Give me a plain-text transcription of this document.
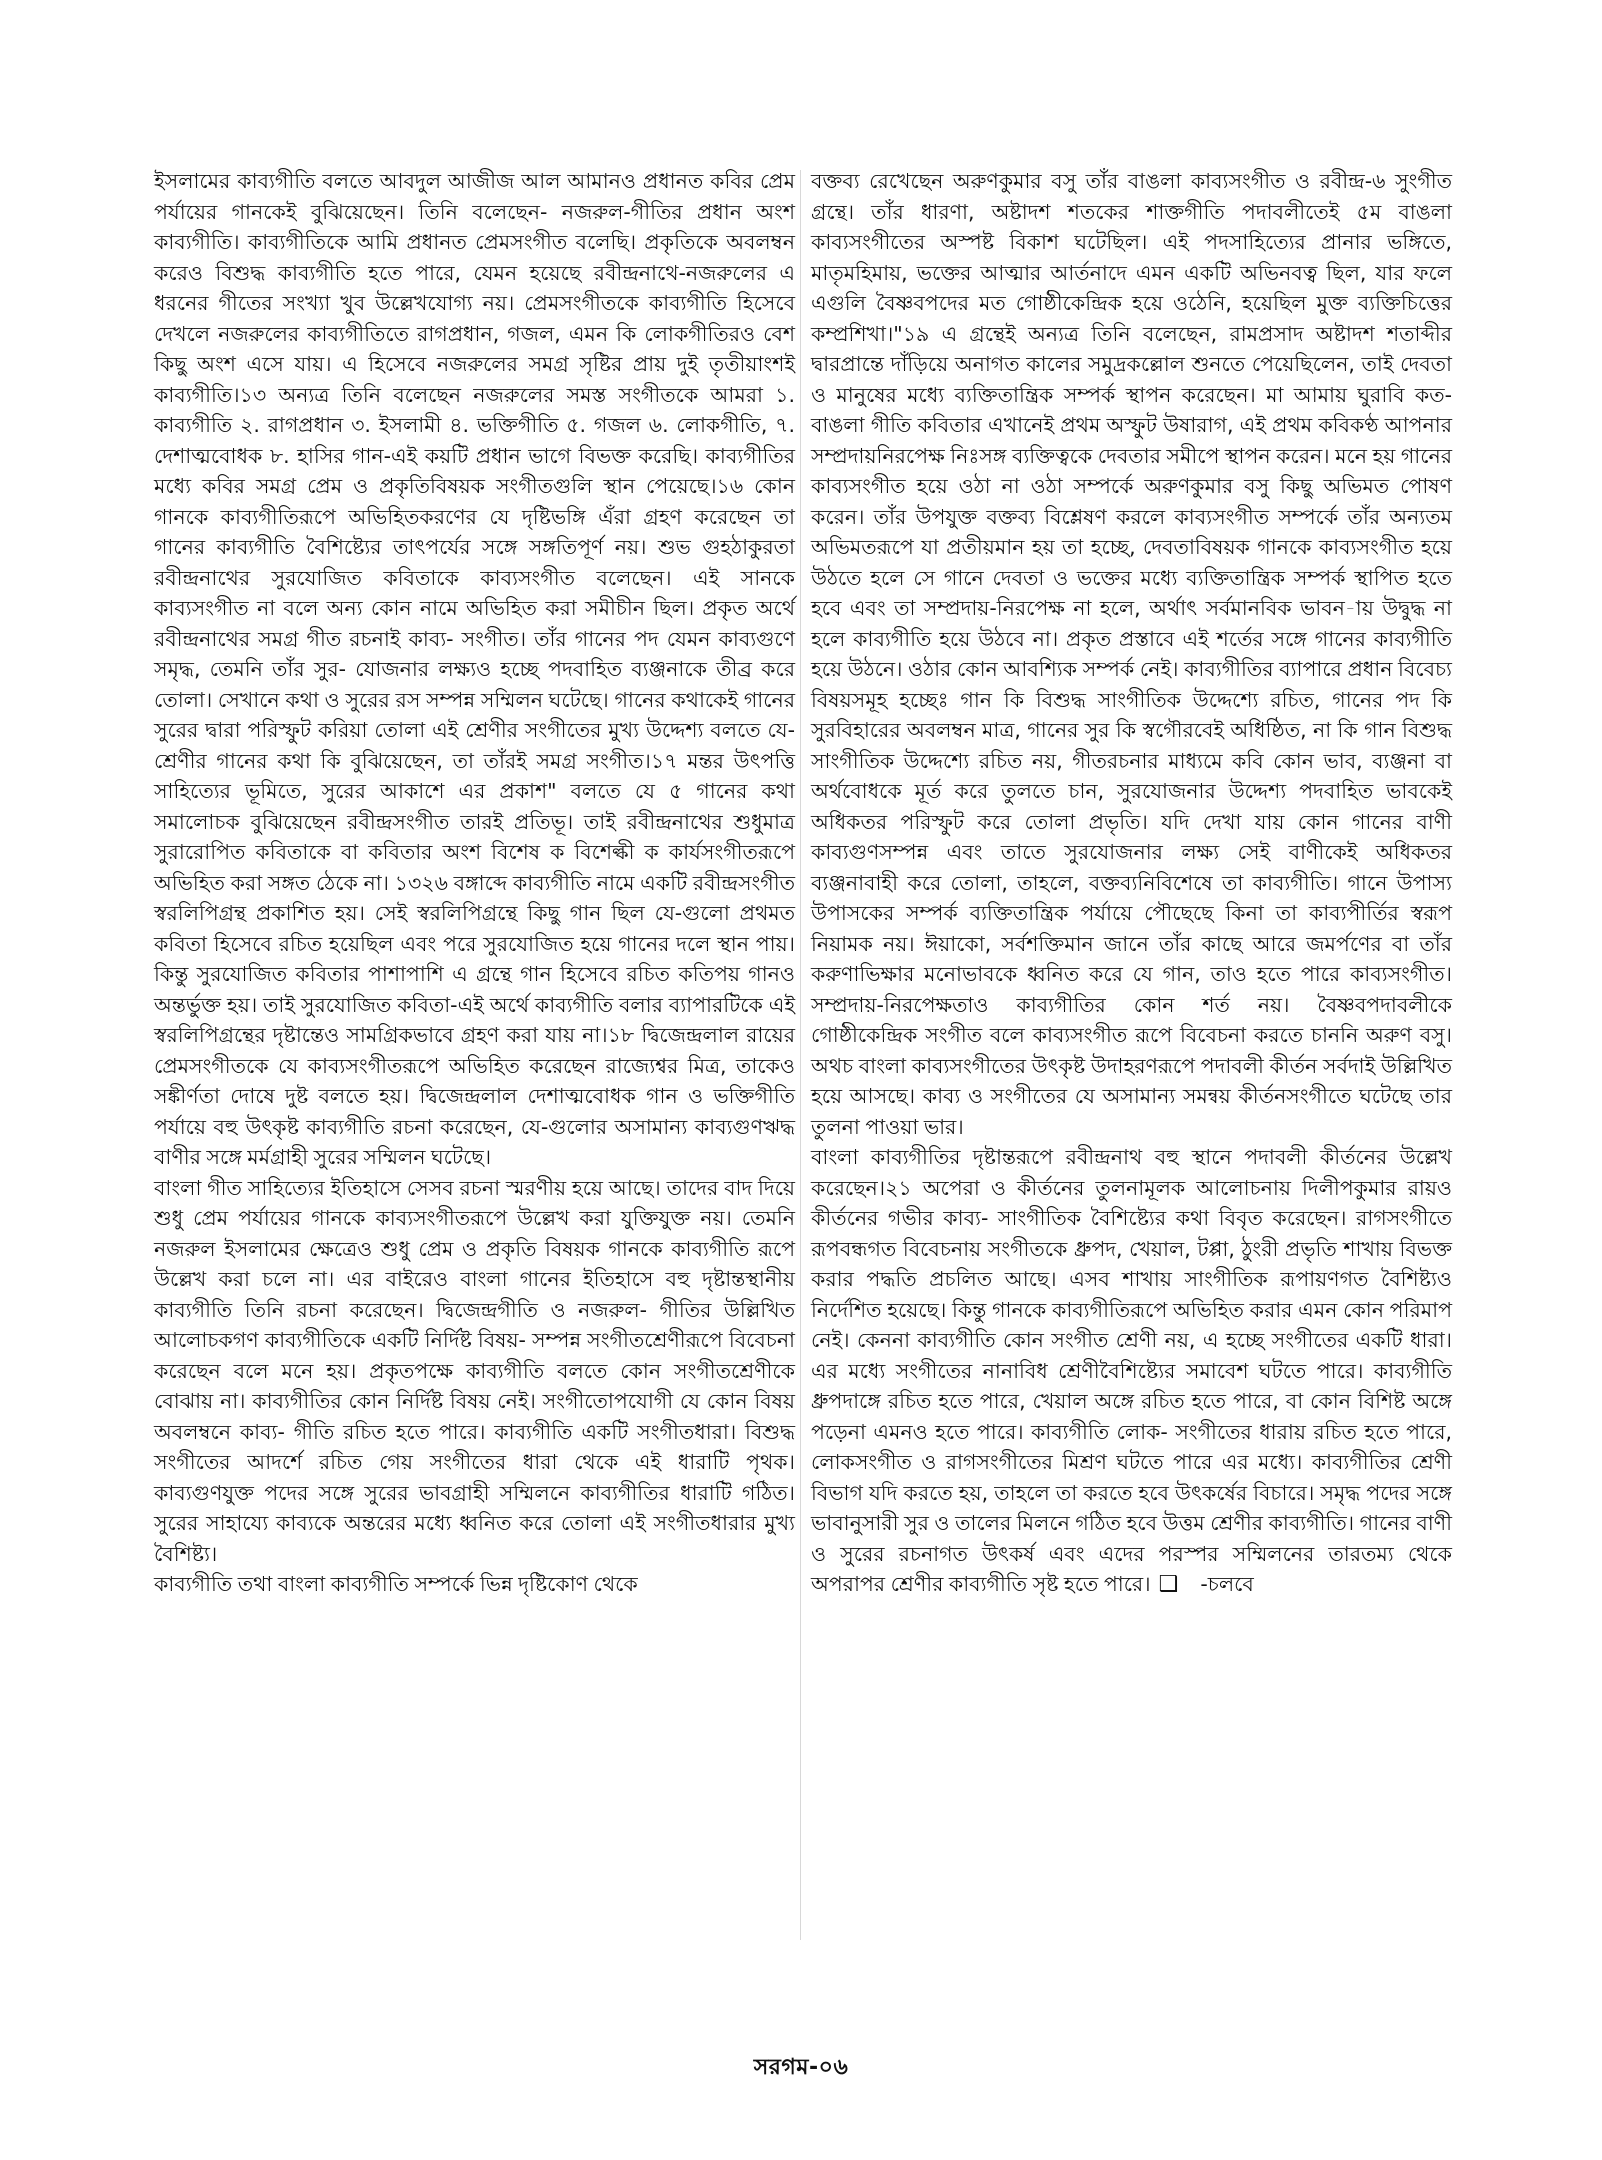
ইসলামের কাব্যগীতি বলতে আবদুল আজীজ আল আমানও প্রধানত কবির প্রেম পর্যায়ের গানকেই বুঝিয়েছেন। তিনি বলেছেন- নজরুল-গীতির প্রধান অংশ কাব্যগীতি। কাব্যগীতিকে আমি প্রধানত প্রেমসংগীত বলেছি। প্রকৃতিকে অবলম্বন করেও বিশুদ্ধ কাব্যগীতি হতে পারে, যেমন হয়েছে রবীন্দ্রনাথে-নজরুলের এ ধরনের গীতের সংখ্যা খুব উল্লেখযোগ্য নয়। প্রেমসংগীতকে কাব্যগীতি হিসেবে দেখলে নজরুলের কাব্যগীতিতে রাগপ্রধান, গজল, এমন কি লোকগীতিরও বেশ কিছু অংশ এসে যায়। এ হিসেবে নজরুলের সমগ্র সৃষ্টির প্রায় দুই তৃতীয়াংশই কাব্যগীতি।১৩ অন্যত্র তিনি বলেছেন নজরুলের সমস্ত সংগীতকে আমরা ১. কাব্যগীতি ২. রাগপ্রধান ৩. ইসলামী ৪. ভক্তিগীতি ৫. গজল ৬. লোকগীতি, ৭. দেশাত্মবোধক ৮. হাসির গান-এই কয়টি প্রধান ভাগে বিভক্ত করেছি। কাব্যগীতির মধ্যে কবির সমগ্র প্রেম ও প্রকৃতিবিষয়ক সংগীতগুলি স্থান পেয়েছে।১৬ কোন গানকে কাব্যগীতিরূপে অভিহিতকরণের যে দৃষ্টিভঙ্গি এঁরা গ্রহণ করেছেন তা গানের কাব্যগীতি বৈশিষ্ট্যের তাৎপর্যের সঙ্গে সঙ্গতিপূর্ণ নয়। শুভ গুহঠাকুরতা রবীন্দ্রনাথের সুরযোজিত কবিতাকে কাব্যসংগীত বলেছেন। এই সানকে কাব্যসংগীত না বলে অন্য কোন নামে অভিহিত করা সমীচীন ছিল। প্রকৃত অর্থে রবীন্দ্রনাথের সমগ্র গীত রচনাই কাব্য- সংগীত। তাঁর গানের পদ যেমন কাব্যগুণে সমৃদ্ধ, তেমনি তাঁর সুর- যোজনার লক্ষ্যও হচ্ছে পদবাহিত ব্যঞ্জনাকে তীব্র করে তোলা। সেখানে কথা ও সুরের রস সম্পন্ন সম্মিলন ঘটেছে। গানের কথাকেই গানের সুরের দ্বারা পরিস্ফুট করিয়া তোলা এই শ্রেণীর সংগীতের মুখ্য উদ্দেশ্য বলতে যে-শ্রেণীর গানের কথা কি বুঝিয়েছেন, তা তাঁরই সমগ্র সংগীত।১৭ মন্তর উৎপত্তি সাহিত্যের ভূমিতে, সুরের আকাশে এর প্রকাশ" বলতে যে ৫ গানের কথা সমালোচক বুঝিয়েছেন রবীন্দ্রসংগীত তারই প্রতিভূ। তাই রবীন্দ্রনাথের শুধুমাত্র সুরারোপিত কবিতাকে বা কবিতার অংশ বিশেষ ক বিশেল্কী ক কার্যসংগীতরূপে অভিহিত করা সঙ্গত ঠেকে না। ১৩২৬ বঙ্গাব্দে কাব্যগীতি নামে একটি রবীন্দ্রসংগীত স্বরলিপিগ্রন্থ প্রকাশিত হয়। সেই স্বরলিপিগ্রন্থে কিছু গান ছিল যে-গুলো প্রথমত কবিতা হিসেবে রচিত হয়েছিল এবং পরে সুরযোজিত হয়ে গানের দলে স্থান পায়। কিন্তু সুরযোজিত কবিতার পাশাপাশি এ গ্রন্থে গান হিসেবে রচিত কতিপয় গানও অন্তর্ভুক্ত হয়। তাই সুরযোজিত কবিতা-এই অর্থে কাব্যগীতি বলার ব্যাপারটিকে এই স্বরলিপিগ্রন্থের দৃষ্টান্তেও সামগ্রিকভাবে গ্রহণ করা যায় না।১৮ দ্বিজেন্দ্রলাল রায়ের প্রেমসংগীতকে যে কাব্যসংগীতরূপে অভিহিত করেছেন রাজ্যেশ্বর মিত্র, তাকেও সঙ্কীর্ণতা দোষে দুষ্ট বলতে হয়। দ্বিজেন্দ্রলাল দেশাত্মবোধক গান ও ভক্তিগীতি পর্যায়ে বহু উৎকৃষ্ট কাব্যগীতি রচনা করেছেন, যে-গুলোর অসামান্য কাব্যগুণঋদ্ধ বাণীর সঙ্গে মর্মগ্রাহী সুরের সম্মিলন ঘটেছে।

বাংলা গীত সাহিত্যের ইতিহাসে সেসব রচনা স্মরণীয় হয়ে আছে। তাদের বাদ দিয়ে শুধু প্রেম পর্যায়ের গানকে কাব্যসংগীতরূপে উল্লেখ করা যুক্তিযুক্ত নয়। তেমনি নজরুল ইসলামের ক্ষেত্রেও শুধু প্রেম ও প্রকৃতি বিষয়ক গানকে কাব্যগীতি রূপে উল্লেখ করা চলে না। এর বাইরেও বাংলা গানের ইতিহাসে বহু দৃষ্টান্তস্থানীয় কাব্যগীতি তিনি রচনা করেছেন। দ্বিজেন্দ্রগীতি ও নজরুল- গীতির উল্লিখিত আলোচকগণ কাব্যগীতিকে একটি নির্দিষ্ট বিষয়- সম্পন্ন সংগীতশ্রেণীরূপে বিবেচনা করেছেন বলে মনে হয়। প্রকৃতপক্ষে কাব্যগীতি বলতে কোন সংগীতশ্রেণীকে বোঝায় না। কাব্যগীতির কোন নির্দিষ্ট বিষয় নেই। সংগীতোপযোগী যে কোন বিষয় অবলম্বনে কাব্য- গীতি রচিত হতে পারে। কাব্যগীতি একটি সংগীতধারা। বিশুদ্ধ সংগীতের আদর্শে রচিত গেয় সংগীতের ধারা থেকে এই ধারাটি পৃথক। কাব্যগুণযুক্ত পদের সঙ্গে সুরের ভাবগ্রাহী সম্মিলনে কাব্যগীতির ধারাটি গঠিত। সুরের সাহায্যে কাব্যকে অন্তরের মধ্যে ধ্বনিত করে তোলা এই সংগীতধারার মুখ্য বৈশিষ্ট্য।

কাব্যগীতি তথা বাংলা কাব্যগীতি সম্পর্কে ভিন্ন দৃষ্টিকোণ থেকে

বক্তব্য রেখেছেন অরুণকুমার বসু তাঁর বাঙলা কাব্যসংগীত ও রবীন্দ্র-৬ সুংগীত গ্রন্থে। তাঁর ধারণা, অষ্টাদশ শতকের শাক্তগীতি পদাবলীতেই ৫ম বাঙলা কাব্যসংগীতের অস্পষ্ট বিকাশ ঘটেছিল। এই পদসাহিত্যের প্রানার ভঙ্গিতে, মাতৃমহিমায়, ভক্তের আত্মার আর্তনাদে এমন একটি অভিনবত্ব ছিল, যার ফলে এগুলি বৈষ্ণবপদের মত গোষ্ঠীকেন্দ্রিক হয়ে ওঠেনি, হয়েছিল মুক্ত ব্যক্তিচিত্তের কম্প্রশিখা।"১৯ এ গ্রন্থেই অন্যত্র তিনি বলেছেন, রামপ্রসাদ অষ্টাদশ শতাব্দীর দ্বারপ্রান্তে দাঁড়িয়ে অনাগত কালের সমুদ্রকল্লোল শুনতে পেয়েছিলেন, তাই দেবতা ও মানুষের মধ্যে ব্যক্তিতান্ত্রিক সম্পর্ক স্থাপন করেছেন। মা আমায় ঘুরাবি কত-বাঙলা গীতি কবিতার এখানেই প্রথম অস্ফুট উষারাগ, এই প্রথম কবিকণ্ঠ আপনার সম্প্রদায়নিরপেক্ষ নিঃসঙ্গ ব্যক্তিত্বকে দেবতার সমীপে স্থাপন করেন। মনে হয় গানের কাব্যসংগীত হয়ে ওঠা না ওঠা সম্পর্কে অরুণকুমার বসু কিছু অভিমত পোষণ করেন। তাঁর উপযুক্ত বক্তব্য বিশ্লেষণ করলে কাব্যসংগীত সম্পর্কে তাঁর অন্যতম অভিমতরূপে যা প্রতীয়মান হয় তা হচ্ছে, দেবতাবিষয়ক গানকে কাব্যসংগীত হয়ে উঠতে হলে সে গানে দেবতা ও ভক্তের মধ্যে ব্যক্তিতান্ত্রিক সম্পর্ক স্থাপিত হতে হবে এবং তা সম্প্রদায়-নিরপেক্ষ না হলে, অর্থাৎ সর্বমানবিক ভাবন-ায় উদ্বুদ্ধ না হলে কাব্যগীতি হয়ে উঠবে না। প্রকৃত প্রস্তাবে এই শর্তের সঙ্গে গানের কাব্যগীতি হয়ে উঠনে। ওঠার কোন আবশ্যিক সম্পর্ক নেই। কাব্যগীতির ব্যাপারে প্রধান বিবেচ্য বিষয়সমূহ হচ্ছেঃ গান কি বিশুদ্ধ সাংগীতিক উদ্দেশ্যে রচিত, গানের পদ কি সুরবিহারের অবলম্বন মাত্র, গানের সুর কি স্বগৌরবেই অধিষ্ঠিত, না কি গান বিশুদ্ধ সাংগীতিক উদ্দেশ্যে রচিত নয়, গীতরচনার মাধ্যমে কবি কোন ভাব, ব্যঞ্জনা বা অর্থবোধকে মূর্ত করে তুলতে চান, সুরযোজনার উদ্দেশ্য পদবাহিত ভাবকেই অধিকতর পরিস্ফুট করে তোলা প্রভৃতি। যদি দেখা যায় কোন গানের বাণী কাব্যগুণসম্পন্ন এবং তাতে সুরযোজনার লক্ষ্য সেই বাণীকেই অধিকতর ব্যঞ্জনাবাহী করে তোলা, তাহলে, বক্তব্যনিবিশেষে তা কাব্যগীতি। গানে উপাস্য উপাসকের সম্পর্ক ব্যক্তিতান্ত্রিক পর্যায়ে পৌছেছে কিনা তা কাব্যপীর্তির স্বরূপ নিয়ামক নয়। ঈয়াকো, সর্বশক্তিমান জানে তাঁর কাছে আরে জমর্পণের বা তাঁর করুণাভিক্ষার মনোভাবকে ধ্বনিত করে যে গান, তাও হতে পারে কাব্যসংগীত। সম্প্রদায়-নিরপেক্ষতাও কাব্যগীতির কোন শর্ত নয়। বৈষ্ণবপদাবলীকে গোষ্ঠীকেন্দ্রিক সংগীত বলে কাব্যসংগীত রূপে বিবেচনা করতে চাননি অরুণ বসু। অথচ বাংলা কাব্যসংগীতের উৎকৃষ্ট উদাহরণরূপে পদাবলী কীর্তন সর্বদাই উল্লিখিত হয়ে আসছে। কাব্য ও সংগীতের যে অসামান্য সমন্বয় কীর্তনসংগীতে ঘটেছে তার তুলনা পাওয়া ভার।

বাংলা কাব্যগীতির দৃষ্টান্তরূপে রবীন্দ্রনাথ বহু স্থানে পদাবলী কীর্তনের উল্লেখ করেছেন।২১ অপেরা ও কীর্তনের তুলনামূলক আলোচনায় দিলীপকুমার রায়ও কীর্তনের গভীর কাব্য- সাংগীতিক বৈশিষ্ট্যের কথা বিবৃত করেছেন। রাগসংগীতে রূপবন্ধগত বিবেচনায় সংগীতকে ধ্রুপদ, খেয়াল, টপ্পা, ঠুংরী প্রভৃতি শাখায় বিভক্ত করার পদ্ধতি প্রচলিত আছে। এসব শাখায় সাংগীতিক রূপায়ণগত বৈশিষ্ট্যও নির্দেশিত হয়েছে। কিন্তু গানকে কাব্যগীতিরূপে অভিহিত করার এমন কোন পরিমাপ নেই। কেননা কাব্যগীতি কোন সংগীত শ্রেণী নয়, এ হচ্ছে সংগীতের একটি ধারা। এর মধ্যে সংগীতের নানাবিধ শ্রেণীবৈশিষ্ট্যের সমাবেশ ঘটতে পারে। কাব্যগীতি ধ্রুপদাঙ্গে রচিত হতে পারে, খেয়াল অঙ্গে রচিত হতে পারে, বা কোন বিশিষ্ট অঙ্গে পড়েনা এমনও হতে পারে। কাব্যগীতি লোক- সংগীতের ধারায় রচিত হতে পারে, লোকসংগীত ও রাগসংগীতের মিশ্রণ ঘটতে পারে এর মধ্যে। কাব্যগীতির শ্রেণী বিভাগ যদি করতে হয়, তাহলে তা করতে হবে উৎকর্ষের বিচারে। সমৃদ্ধ পদের সঙ্গে ভাবানুসারী সুর ও তালের মিলনে গঠিত হবে উত্তম শ্রেণীর কাব্যগীতি। গানের বাণী ও সুরের রচনাগত উৎকর্ষ এবং এদের পরস্পর সম্মিলনের তারতম্য থেকে অপরাপর শ্রেণীর কাব্যগীতি সৃষ্ট হতে পারে। ❑ -চলবে

সরগম-০৬
